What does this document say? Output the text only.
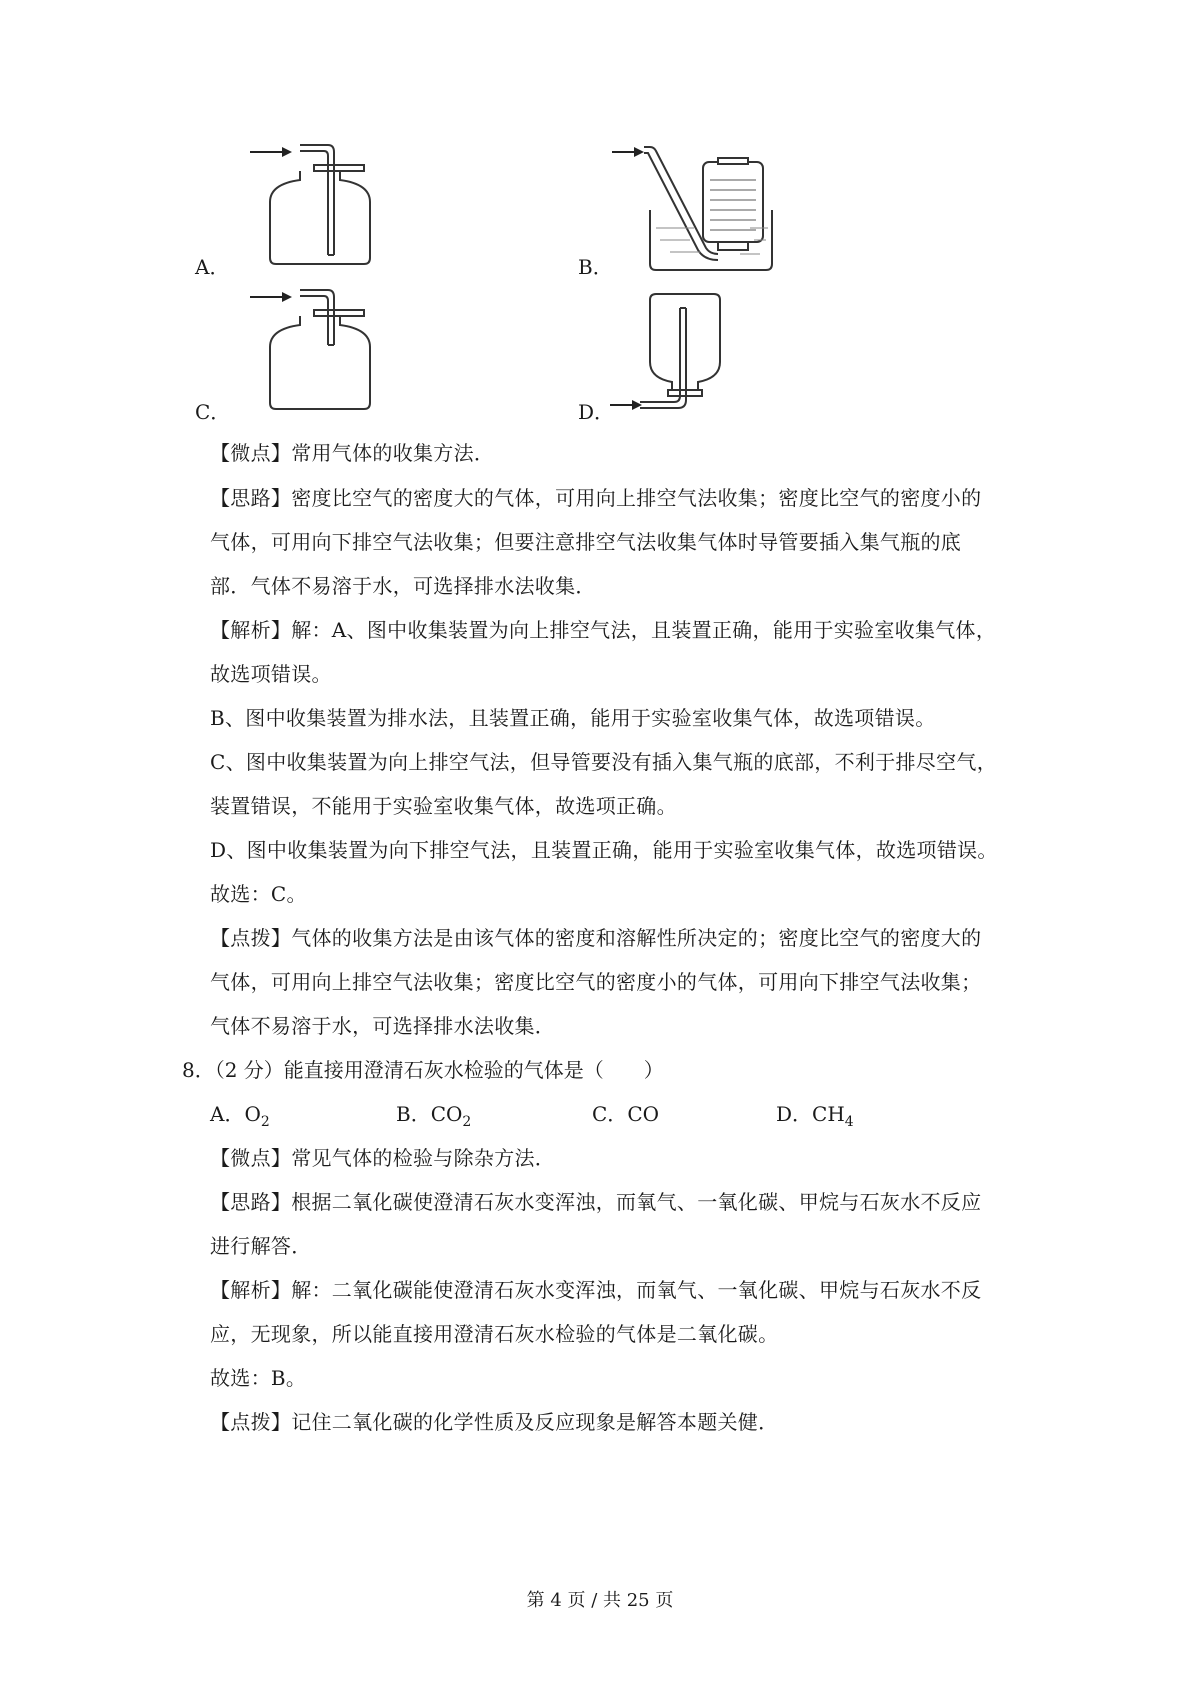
A．	B．
C．	D．
【微点】常用气体的收集方法．
【思路】密度比空气的密度大的气体，可用向上排空气法收集；密度比空气的密度小的
气体，可用向下排空气法收集；但要注意排空气法收集气体时导管要插入集气瓶的底
部．气体不易溶于水，可选择排水法收集．
【解析】解：A、图中收集装置为向上排空气法，且装置正确，能用于实验室收集气体，
故选项错误。
B、图中收集装置为排水法，且装置正确，能用于实验室收集气体，故选项错误。
C、图中收集装置为向上排空气法，但导管要没有插入集气瓶的底部，不利于排尽空气，
装置错误，不能用于实验室收集气体，故选项正确。
D、图中收集装置为向下排空气法，且装置正确，能用于实验室收集气体，故选项错误。
故选：C。
【点拨】气体的收集方法是由该气体的密度和溶解性所决定的；密度比空气的密度大的
气体，可用向上排空气法收集；密度比空气的密度小的气体，可用向下排空气法收集；
气体不易溶于水，可选择排水法收集．
8．（2 分）能直接用澄清石灰水检验的气体是（　　）
A．$O_2$	B．$CO_2$	C．CO	D．$CH_4$
【微点】常见气体的检验与除杂方法．
【思路】根据二氧化碳使澄清石灰水变浑浊，而氧气、一氧化碳、甲烷与石灰水不反应
进行解答．
【解析】解：二氧化碳能使澄清石灰水变浑浊，而氧气、一氧化碳、甲烷与石灰水不反
应，无现象，所以能直接用澄清石灰水检验的气体是二氧化碳。
故选：B。
【点拨】记住二氧化碳的化学性质及反应现象是解答本题关健．
第 4 页 / 共 25 页
